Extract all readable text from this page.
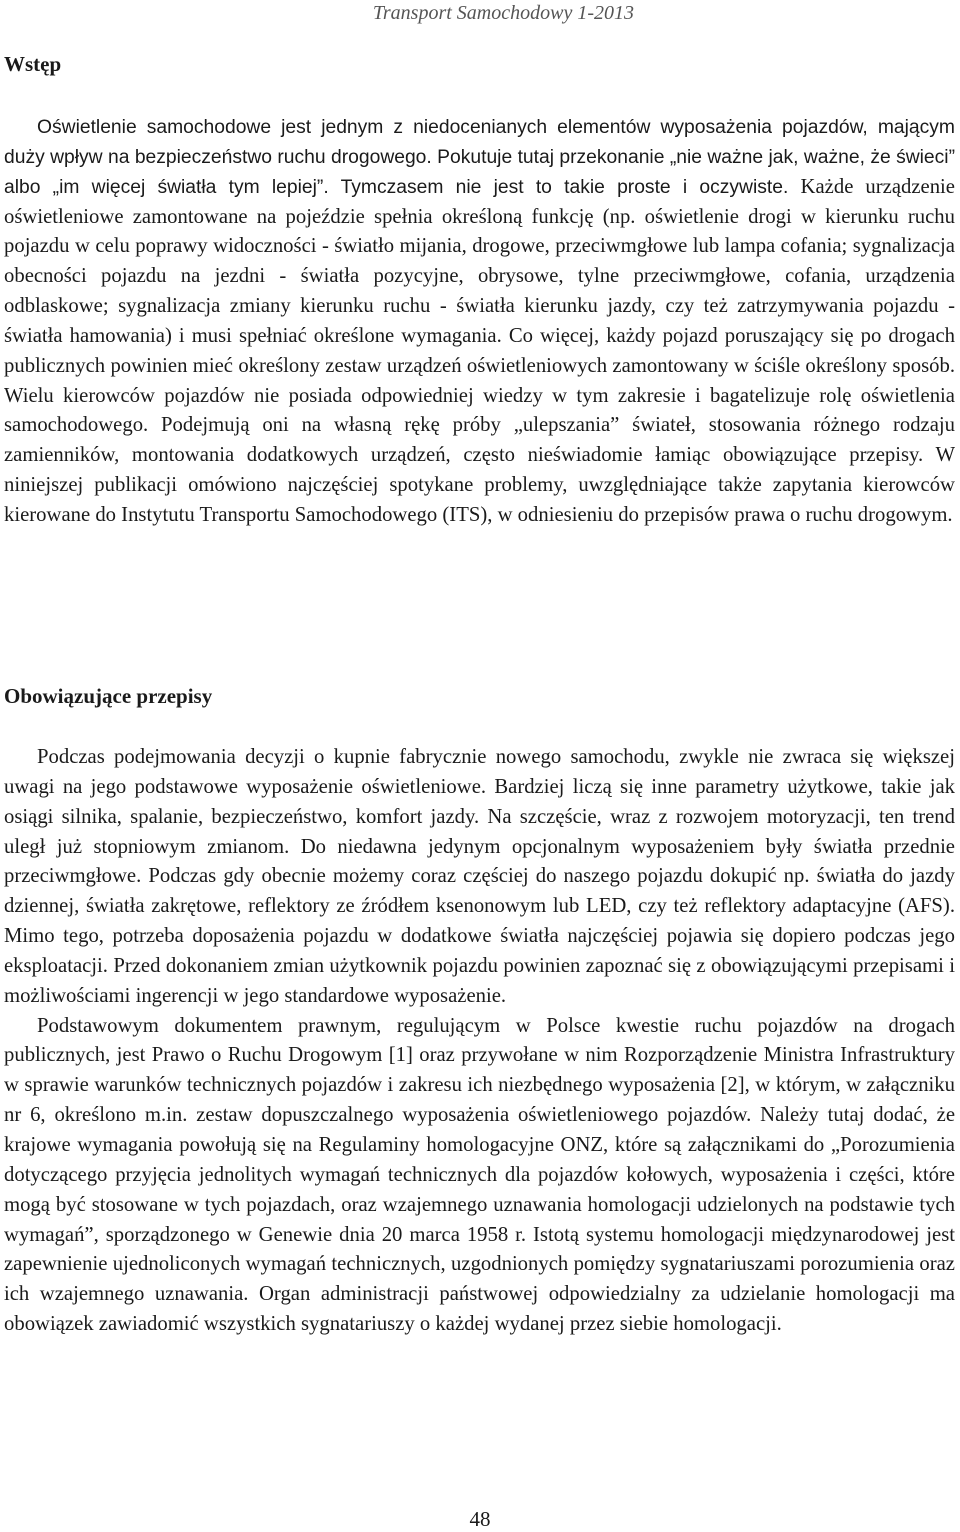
Transport Samochodowy 1-2013
Wstęp

Oświetlenie samochodowe jest jednym z niedocenianych elementów wyposażenia pojazdów, mającym duży wpływ na bezpieczeństwo ruchu drogowego. Pokutuje tutaj przekonanie „nie ważne jak, ważne, że świeci” albo „im więcej światła tym lepiej”. Tymczasem nie jest to takie proste i oczywiste. Każde urządzenie oświetleniowe zamontowane na pojeździe spełnia określoną funkcję (np. oświetlenie drogi w kierunku ruchu pojazdu w celu poprawy widoczności - światło mijania, drogowe, przeciwmgłowe lub lampa cofania; sygnalizacja obecności pojazdu na jezdni - światła pozycyjne, obrysowe, tylne przeciwmgłowe, cofania, urządzenia odblaskowe; sygnalizacja zmiany kierunku ruchu - światła kierunku jazdy, czy też zatrzymywania pojazdu - światła hamowania) i musi spełniać określone wymagania. Co więcej, każdy pojazd poruszający się po drogach publicznych powinien mieć określony zestaw urządzeń oświetleniowych zamontowany w ściśle określony sposób. Wielu kierowców pojazdów nie posiada odpowiedniej wiedzy w tym zakresie i bagatelizuje rolę oświetlenia samochodowego. Podejmują oni na własną rękę próby „ulepszania” świateł, stosowania różnego rodzaju zamienników, montowania dodatkowych urządzeń, często nieświadomie łamiąc obowiązujące przepisy. W niniejszej publikacji omówiono najczęściej spotykane problemy, uwzględniające także zapytania kierowców kierowane do Instytutu Transportu Samochodowego (ITS), w odniesieniu do przepisów prawa o ruchu drogowym.

Obowiązujące przepisy

Podczas podejmowania decyzji o kupnie fabrycznie nowego samochodu, zwykle nie zwraca się większej uwagi na jego podstawowe wyposażenie oświetleniowe. Bardziej liczą się inne parametry użytkowe, takie jak osiągi silnika, spalanie, bezpieczeństwo, komfort jazdy. Na szczęście, wraz z rozwojem motoryzacji, ten trend uległ już stopniowym zmianom. Do niedawna jedynym opcjonalnym wyposażeniem były światła przednie przeciwmgłowe. Podczas gdy obecnie możemy coraz częściej do naszego pojazdu dokupić np. światła do jazdy dziennej, światła zakrętowe, reflektory ze źródłem ksenonowym lub LED, czy też reflektory adaptacyjne (AFS). Mimo tego, potrzeba doposażenia pojazdu w dodatkowe światła najczęściej pojawia się dopiero podczas jego eksploatacji. Przed dokonaniem zmian użytkownik pojazdu powinien zapoznać się z obowiązującymi przepisami i możliwościami ingerencji w jego standardowe wyposażenie.

Podstawowym dokumentem prawnym, regulującym w Polsce kwestie ruchu pojazdów na drogach publicznych, jest Prawo o Ruchu Drogowym [1] oraz przywołane w nim Rozporządzenie Ministra Infrastruktury w sprawie warunków technicznych pojazdów i zakresu ich niezbędnego wyposażenia [2], w którym, w załączniku nr 6, określono m.in. zestaw dopuszczalnego wyposażenia oświetleniowego pojazdów. Należy tutaj dodać, że krajowe wymagania powołują się na Regulaminy homologacyjne ONZ, które są załącznikami do „Porozumienia dotyczącego przyjęcia jednolitych wymagań technicznych dla pojazdów kołowych, wyposażenia i części, które mogą być stosowane w tych pojazdach, oraz wzajemnego uznawania homologacji udzielonych na podstawie tych wymagań”, sporządzonego w Genewie dnia 20 marca 1958 r. Istotą systemu homologacji międzynarodowej jest zapewnienie ujednoliconych wymagań technicznych, uzgodnionych pomiędzy sygnatariuszami porozumienia oraz ich wzajemnego uznawania. Organ administracji państwowej odpowiedzialny za udzielanie homologacji ma obowiązek zawiadomić wszystkich sygnatariuszy o każdej wydanej przez siebie homologacji.

48
